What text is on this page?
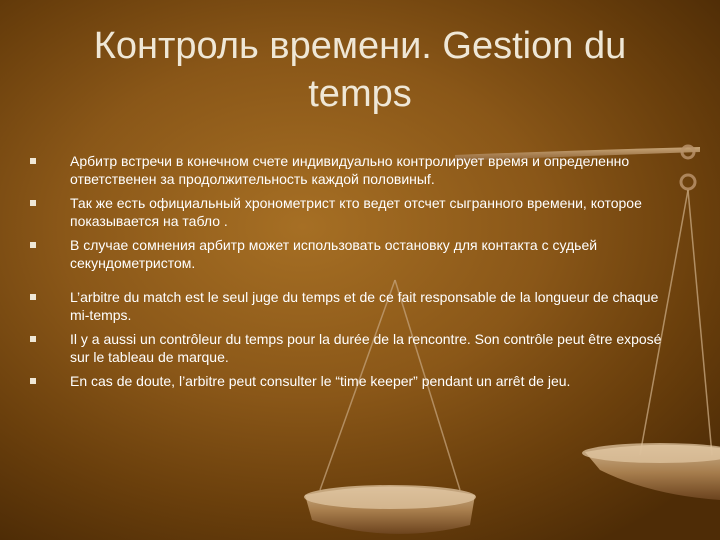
Контроль времени. Gestion du temps
Арбитр встречи в конечном счете индивидуально контролирует время и определенно ответственен за продолжительность каждой половиныf.
Так же есть официальный хронометрист кто ведет отсчет сыгранного времени, которое показывается на табло .
В случае сомнения арбитр может использовать остановку для контакта с судьей секундометристом.
L’arbitre du match est le seul juge du temps et de ce fait responsable de la longueur de chaque mi-temps.
Il y a aussi un contrôleur du temps pour la durée de la rencontre. Son contrôle peut être exposé sur le tableau de marque.
En cas de doute, l’arbitre peut consulter le “time keeper” pendant un arrêt de jeu.
